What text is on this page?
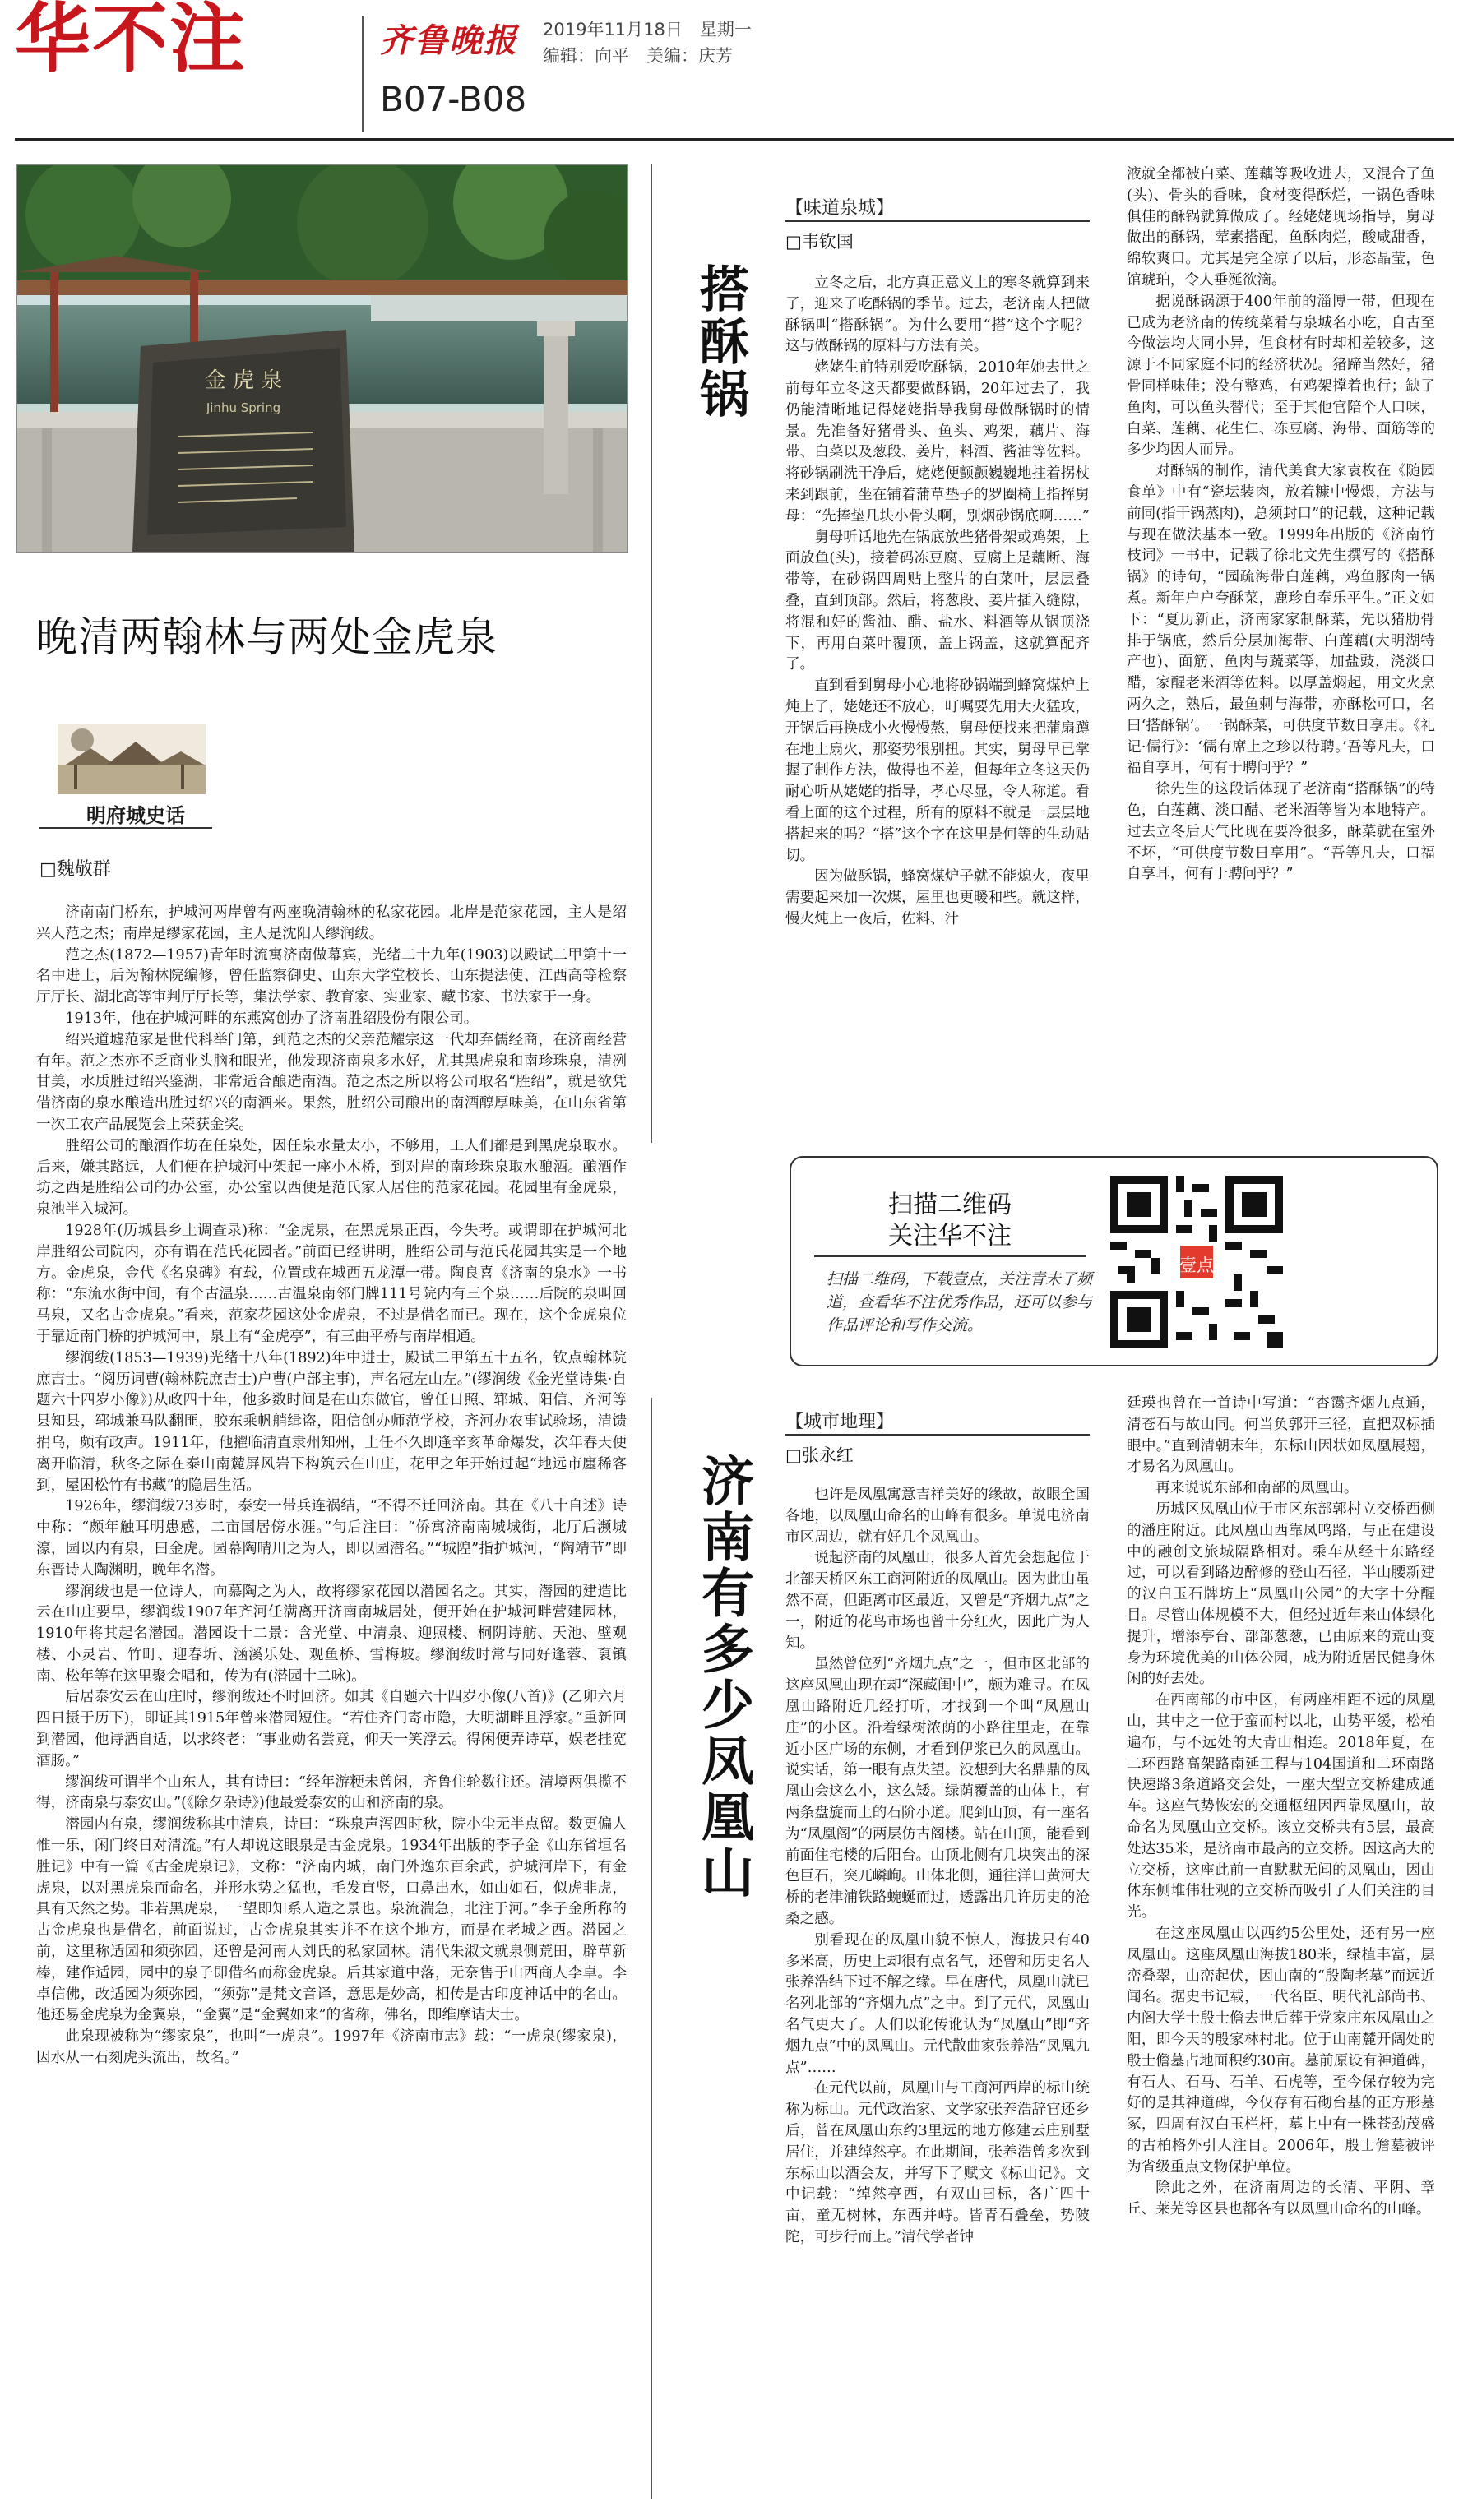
华不注	齐鲁晚报 2019年11月18日　星期一
编辑：向平　美编：庆芳
B07-B08
金 虎 泉
Jinhu Spring
晚清两翰林与两处金虎泉
明府城史话
□魏敬群

济南南门桥东，护城河两岸曾有两座晚清翰林的私家花园。北岸是范家花园，主人是绍兴人范之杰；南岸是缪家花园，主人是沈阳人缪润绂。

范之杰(1872—1957)青年时流寓济南做幕宾，光绪二十九年(1903)以殿试二甲第十一名中进士，后为翰林院编修，曾任监察御史、山东大学堂校长、山东提法使、江西高等检察厅厅长、湖北高等审判厅厅长等，集法学家、教育家、实业家、藏书家、书法家于一身。

1913年，他在护城河畔的东燕窝创办了济南胜绍股份有限公司。

绍兴道墟范家是世代科举门第，到范之杰的父亲范耀宗这一代却弃儒经商，在济南经营有年。范之杰亦不乏商业头脑和眼光，他发现济南泉多水好，尤其黑虎泉和南珍珠泉，清冽甘美，水质胜过绍兴鉴湖，非常适合酿造南酒。范之杰之所以将公司取名“胜绍”，就是欲凭借济南的泉水酿造出胜过绍兴的南酒来。果然，胜绍公司酿出的南酒醇厚味美，在山东省第一次工农产品展览会上荣获金奖。

胜绍公司的酿酒作坊在任泉处，因任泉水量太小，不够用，工人们都是到黑虎泉取水。后来，嫌其路远，人们便在护城河中架起一座小木桥，到对岸的南珍珠泉取水酿酒。酿酒作坊之西是胜绍公司的办公室，办公室以西便是范氏家人居住的范家花园。花园里有金虎泉，泉池半入城河。

1928年(历城县乡土调查录)称：“金虎泉，在黑虎泉正西，今失考。或谓即在护城河北岸胜绍公司院内，亦有谓在范氏花园者。”前面已经讲明，胜绍公司与范氏花园其实是一个地方。金虎泉，金代《名泉碑》有载，位置或在城西五龙潭一带。陶良喜《济南的泉水》一书称：“东流水街中间，有个古温泉……古温泉南邻门牌111号院内有三个泉……后院的泉叫回马泉，又名古金虎泉。”看来，范家花园这处金虎泉，不过是借名而已。现在，这个金虎泉位于靠近南门桥的护城河中，泉上有“金虎亭”，有三曲平桥与南岸相通。

缪润绂(1853—1939)光绪十八年(1892)年中进士，殿试二甲第五十五名，钦点翰林院庶吉士。“阅历词曹(翰林院庶吉士)户曹(户部主事)，声名冠左山左。”(缪润绂《金光堂诗集·自题六十四岁小像》)从政四十年，他多数时间是在山东做官，曾任日照、郓城、阳信、齐河等县知县，郓城兼马队翻匪，胶东乘帆艄缉盗，阳信创办师范学校，齐河办农事试验场，清馈捐乌，颇有政声。1911年，他擢临清直隶州知州，上任不久即逢辛亥革命爆发，次年春天便离开临清，秋冬之际在泰山南麓屏风岩下构筑云在山庄，花甲之年开始过起“地远市廛稀客到，屋困松竹有书藏”的隐居生活。

1926年，缪润绂73岁时，泰安一带兵连祸结，“不得不迁回济南。其在《八十自述》诗中称：“颇年触耳明患感，二亩国居傍水涯。”句后注曰：“侨寓济南南城城街，北厅后濒城濠，园以内有泉，曰金虎。园幕陶晴川之为人，即以园潜名。”“城隍”指护城河，“陶靖节”即东晋诗人陶渊明，晚年名潜。

缪润绂也是一位诗人，向慕陶之为人，故将缪家花园以潜园名之。其实，潜园的建造比云在山庄要早，缪润绂1907年齐河任满离开济南南城居处，便开始在护城河畔营建园林，1910年将其起名潜园。潜园设十二景：含光堂、中清泉、迎照楼、桐阴诗舫、天池、壁观楼、小灵岩、竹町、迎春圻、涵溪乐处、观鱼桥、雪梅坡。缪润绂时常与同好逢蓉、裒镇南、松年等在这里聚会唱和，传为有(潜园十二咏)。

后居泰安云在山庄时，缪润绂还不时回济。如其《自题六十四岁小像(八首)》(乙卯六月四日摄于历下)，即证其1915年曾来潜园短住。“若住齐门寄市隐，大明湖畔且浮家。”重新回到潜园，他诗酒自适，以求终老：“事业勋名尝竟，仰天一笑浮云。得闲便弄诗草，娱老挂宽酒肠。”

缪润绂可谓半个山东人，其有诗曰：“经年游粳未曾闲，齐鲁住轮数往还。清境两俱揽不得，济南泉与泰安山。”(《除夕杂诗》)他最爱泰安的山和济南的泉。

潜园内有泉，缪润绂称其中清泉，诗曰：“珠泉声泻四时秋，院小尘无半点留。数更偏人惟一乐，闲门终日对清流。”有人却说这眼泉是古金虎泉。1934年出版的李子金《山东省垣名胜记》中有一篇《古金虎泉记》，文称：“济南内城，南门外逸东百余武，护城河岸下，有金虎泉，以对黑虎泉而命名，并形水势之猛也，毛发直竖，口鼻出水，如山如石，似虎非虎，具有天然之势。非若黑虎泉，一望即知系人造之景也。泉流湍急，北注于河。”李子金所称的古金虎泉也是借名，前面说过，古金虎泉其实并不在这个地方，而是在老城之西。潜园之前，这里称适园和须弥园，还曾是河南人刘氏的私家园林。清代朱淑文就泉侧荒田，辟草新榛，建作适园，园中的泉子即借名而称金虎泉。后其家道中落，无奈售于山西商人李卓。李卓信佛，改适园为须弥园，“须弥”是梵文音译，意思是妙高，相传是古印度神话中的名山。他还易金虎泉为金翼泉，“金翼”是“金翼如来”的省称，佛名，即维摩诘大士。

此泉现被称为“缪家泉”，也叫“一虎泉”。1997年《济南市志》载：“一虎泉(缪家泉)，因水从一石刻虎头流出，故名。”

搭酥锅
济南有多少凤凰山
【味道泉城】
□韦钦国

立冬之后，北方真正意义上的寒冬就算到来了，迎来了吃酥锅的季节。过去，老济南人把做酥锅叫“搭酥锅”。为什么要用“搭”这个字呢？这与做酥锅的原料与方法有关。

姥姥生前特别爱吃酥锅，2010年她去世之前每年立冬这天都要做酥锅，20年过去了，我仍能清晰地记得姥姥指导我舅母做酥锅时的情景。先准备好猪骨头、鱼头、鸡架，藕片、海带、白菜以及葱段、姜片，料酒、酱油等佐料。将砂锅刷洗干净后，姥姥便颤颤巍巍地拄着拐杖来到跟前，坐在铺着蒲草垫子的罗圈椅上指挥舅母：“先捧垫几块小骨头啊，别烟砂锅底啊……”

舅母听话地先在锅底放些猪骨架或鸡架，上面放鱼(头)，接着码冻豆腐、豆腐上是藕断、海带等，在砂锅四周贴上整片的白菜叶，层层叠叠，直到顶部。然后，将葱段、姜片插入缝隙，将混和好的酱油、醋、盐水、料酒等从锅顶浇下，再用白菜叶覆顶，盖上锅盖，这就算配齐了。

直到看到舅母小心地将砂锅端到蜂窝煤炉上炖上了，姥姥还不放心，叮嘱要先用大火猛攻，开锅后再换成小火慢慢熬，舅母便找来把蒲扇蹲在地上扇火，那姿势很别扭。其实，舅母早已掌握了制作方法，做得也不差，但每年立冬这天仍耐心听从姥姥的指导，孝心尽显，令人称道。看看上面的这个过程，所有的原料不就是一层层地搭起来的吗？“搭”这个字在这里是何等的生动贴切。

因为做酥锅，蜂窝煤炉子就不能熄火，夜里需要起来加一次煤，屋里也更暖和些。就这样，慢火炖上一夜后，佐料、汁

液就全都被白菜、莲藕等吸收进去，又混合了鱼(头)、骨头的香味，食材变得酥烂，一锅色香味俱佳的酥锅就算做成了。经姥姥现场指导，舅母做出的酥锅，荤素搭配，鱼酥肉烂，酸咸甜香，绵软爽口。尤其是完全凉了以后，形态晶莹，色馆琥珀，令人垂涎欲滴。

据说酥锅源于400年前的淄博一带，但现在已成为老济南的传统菜肴与泉城名小吃，自古至今做法均大同小异，但食材有时却相差较多，这源于不同家庭不同的经济状况。猪蹄当然好，猪骨同样味佳；没有整鸡，有鸡架撑着也行；缺了鱼肉，可以鱼头替代；至于其他官陪个人口味，白菜、莲藕、花生仁、冻豆腐、海带、面筋等的多少均因人而异。

对酥锅的制作，清代美食大家袁枚在《随园食单》中有“瓷坛装肉，放着糠中慢煨，方法与前同(指干锅蒸肉)，总须封口”的记载，这种记载与现在做法基本一致。1999年出版的《济南竹枝词》一书中，记载了徐北文先生撰写的《搭酥锅》的诗句，“园疏海带白莲藕，鸡鱼豚肉一锅煮。新年户户夸酥菜，鹿珍自奉乐平生。”正文如下：“夏历新正，济南家家制酥菜，先以猪肋骨排于锅底，然后分层加海带、白莲藕(大明湖特产也)、面筋、鱼肉与蔬菜等，加盐豉，浇淡口醋，家醒老米酒等佐料。以厚盖焖起，用文火烹两久之，熟后，最鱼刺与海带，亦酥松可口，名曰‘搭酥锅’。一锅酥菜，可供度节数日享用。《礼记·儒行》：‘儒有席上之珍以待聘。’吾等凡夫，口福自享耳，何有于聘问乎？”

徐先生的这段话体现了老济南“搭酥锅”的特色，白莲藕、淡口醋、老米酒等皆为本地特产。过去立冬后天气比现在要冷很多，酥菜就在室外不坏，“可供度节数日享用”。“吾等凡夫，口福自享耳，何有于聘问乎？”

扫描二维码
关注华不注
扫描二维码，下载壹点，关注青未了频道，查看华不注优秀作品，还可以参与作品评论和写作交流。
壹点
【城市地理】
□张永红

也许是凤凰寓意吉祥美好的缘故，故眼全国各地，以凤凰山命名的山峰有很多。单说电济南市区周边，就有好几个凤凰山。

说起济南的凤凰山，很多人首先会想起位于北部天桥区东工商河附近的凤凰山。因为此山虽然不高，但距离市区最近，又曾是“齐烟九点”之一，附近的花鸟市场也曾十分红火，因此广为人知。

虽然曾位列“齐烟九点”之一，但市区北部的这座凤凰山现在却“深藏闺中”，颇为难寻。在凤凰山路附近几经打听，才找到一个叫“凤凰山庄”的小区。沿着绿树浓荫的小路往里走，在靠近小区广场的东侧，才看到伊浆已久的凤凰山。说实话，第一眼有点失望。没想到大名鼎鼎的凤凰山会这么小，这么矮。绿荫覆盖的山体上，有两条盘旋而上的石阶小道。爬到山顶，有一座名为“凤凰阁”的两层仿古阁楼。站在山顶，能看到前面住宅楼的后阳台。山顶北侧有几块突出的深色巨石，突兀嶙峋。山体北侧，通往洋口黄河大桥的老津浦铁路蜿蜒而过，透露出几许历史的沧桑之感。

别看现在的凤凰山貌不惊人，海拔只有40多米高，历史上却很有点名气，还曾和历史名人张养浩结下过不解之缘。早在唐代，凤凰山就已名列北部的“齐烟九点”之中。到了元代，凤凰山名气更大了。人们以讹传讹认为“凤凰山”即“齐烟九点”中的凤凰山。元代散曲家张养浩“凤凰九点”……

在元代以前，凤凰山与工商河西岸的标山统称为标山。元代政治家、文学家张养浩辞官还乡后，曾在凤凰山东约3里远的地方修建云庄别墅居住，并建绰然亭。在此期间，张养浩曾多次到东标山以酒会友，并写下了赋文《标山记》。文中记载：“绰然亭西，有双山曰标，各广四十亩，童无树林，东西并峙。皆青石叠垒，势陂陀，可步行而上。”清代学者钟

廷瑛也曾在一首诗中写道：“杏霭齐烟九点通，清苍石与故山同。何当负郭开三径，直把双标插眼中。”直到清朝末年，东标山因状如凤凰展翅，才易名为凤凰山。

再来说说东部和南部的凤凰山。

历城区凤凰山位于市区东部郭村立交桥西侧的潘庄附近。此凤凰山西靠凤鸣路，与正在建设中的融创文旅城隔路相对。乘车从经十东路经过，可以看到路边醉修的登山石径，半山腰新建的汉白玉石牌坊上“凤凰山公园”的大字十分醒目。尽管山体规模不大，但经过近年来山体绿化提升，增添亭台、部部葱葱，已由原来的荒山变身为环境优美的山体公园，成为附近居民健身休闲的好去处。

在西南部的市中区，有两座相距不远的凤凰山，其中之一位于蛮而村以北，山势平缓，松柏遍布，与不远处的大青山相连。2018年夏，在二环西路高架路南延工程与104国道和二环南路快速路3条道路交会处，一座大型立交桥建成通车。这座气势恢宏的交通枢纽因西靠凤凰山，故命名为凤凰山立交桥。该立交桥共有5层，最高处达35米，是济南市最高的立交桥。因这高大的立交桥，这座此前一直默默无闻的凤凰山，因山体东侧堆伟壮观的立交桥而吸引了人们关注的目光。

在这座凤凰山以西约5公里处，还有另一座凤凰山。这座凤凰山海拔180米，绿植丰富，层峦叠翠，山峦起伏，因山南的“殷陶老墓”而远近闻名。据史书记载，一代名臣、明代礼部尚书、内阁大学士殷士儋去世后葬于党家庄东凤凰山之阳，即今天的殷家林村北。位于山南麓开阔处的殷士儋墓占地面积约30亩。墓前原设有神道碑，有石人、石马、石羊、石虎等，至今保存较为完好的是其神道碑，今仅存有石砌台基的正方形墓冢，四周有汉白玉栏杆，墓上中有一株苍劲茂盛的古柏格外引人注目。2006年，殷士儋墓被评为省级重点文物保护单位。

除此之外，在济南周边的长清、平阴、章丘、莱芜等区县也都各有以凤凰山命名的山峰。
